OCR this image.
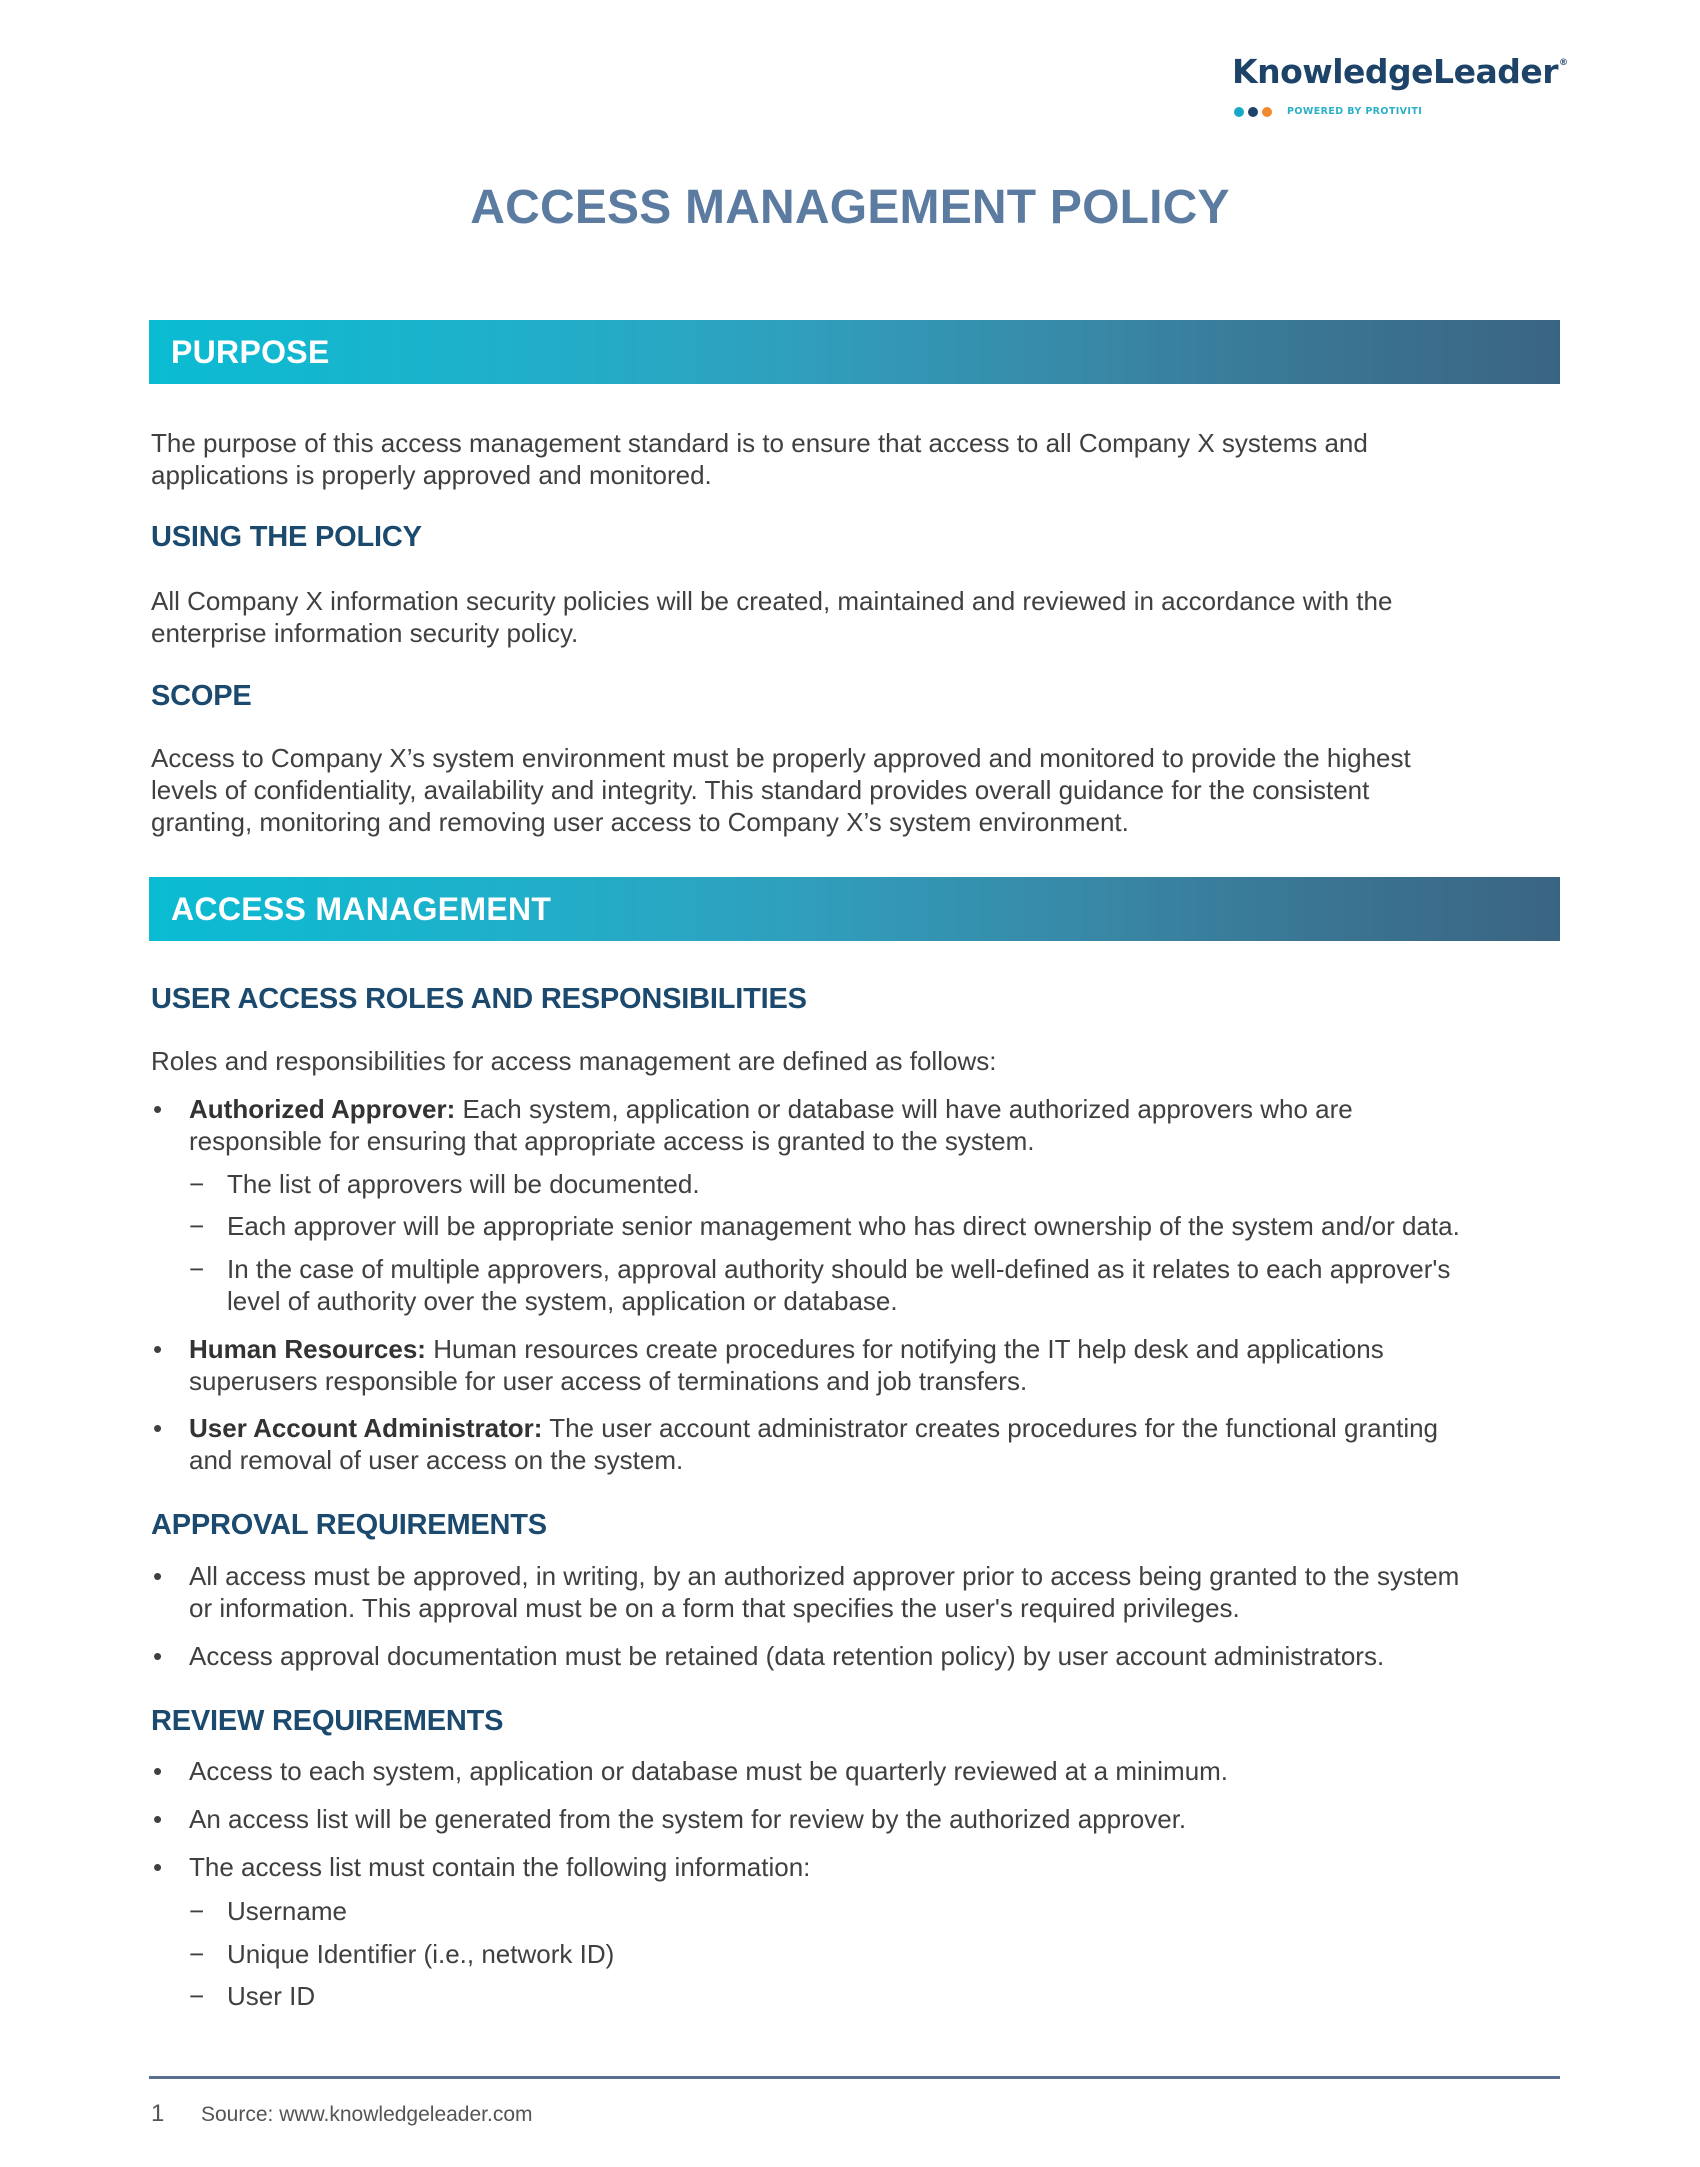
KnowledgeLeader®
POWERED BY PROTIVITI
ACCESS MANAGEMENT POLICY
PURPOSE
The purpose of this access management standard is to ensure that access to all Company X systems and
applications is properly approved and monitored.
USING THE POLICY
All Company X information security policies will be created, maintained and reviewed in accordance with the
enterprise information security policy.
SCOPE
Access to Company X’s system environment must be properly approved and monitored to provide the highest
levels of confidentiality, availability and integrity. This standard provides overall guidance for the consistent
granting, monitoring and removing user access to Company X’s system environment.
ACCESS MANAGEMENT
USER ACCESS ROLES AND RESPONSIBILITIES
Roles and responsibilities for access management are defined as follows:
• Authorized Approver: Each system, application or database will have authorized approvers who are
responsible for ensuring that appropriate access is granted to the system.
− The list of approvers will be documented.
− Each approver will be appropriate senior management who has direct ownership of the system and/or data.
− In the case of multiple approvers, approval authority should be well-defined as it relates to each approver's
level of authority over the system, application or database.
• Human Resources: Human resources create procedures for notifying the IT help desk and applications
superusers responsible for user access of terminations and job transfers.
• User Account Administrator: The user account administrator creates procedures for the functional granting
and removal of user access on the system.
APPROVAL REQUIREMENTS
• All access must be approved, in writing, by an authorized approver prior to access being granted to the system
or information. This approval must be on a form that specifies the user's required privileges.
• Access approval documentation must be retained (data retention policy) by user account administrators.
REVIEW REQUIREMENTS
• Access to each system, application or database must be quarterly reviewed at a minimum.
• An access list will be generated from the system for review by the authorized approver.
• The access list must contain the following information:
− Username
− Unique Identifier (i.e., network ID)
− User ID
1 Source: www.knowledgeleader.com
